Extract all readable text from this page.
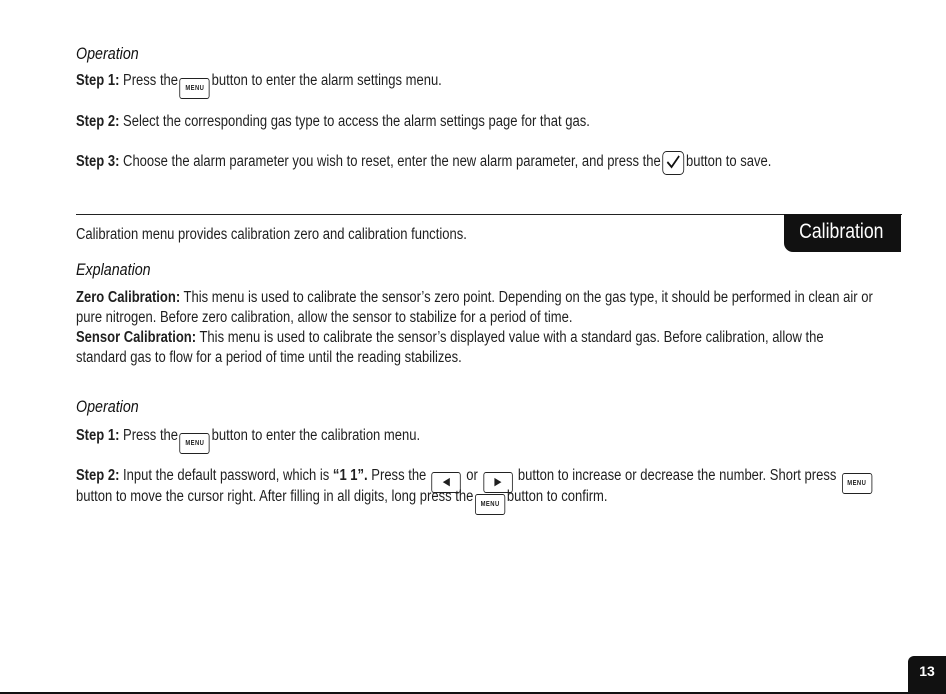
Operation
Step 1: Press the MENU button to enter the alarm settings menu.
Step 2: Select the corresponding gas type to access the alarm settings page for that gas.
Step 3: Choose the alarm parameter you wish to reset, enter the new alarm parameter, and press the button to save.
Calibration
Calibration menu provides calibration zero and calibration functions.
Explanation
Zero Calibration: This menu is used to calibrate the sensor’s zero point. Depending on the gas type, it should be performed in clean air or
pure nitrogen. Before zero calibration, allow the sensor to stabilize for a period of time.
Sensor Calibration: This menu is used to calibrate the sensor’s displayed value with a standard gas. Before calibration, allow the
standard gas to flow for a period of time until the reading stabilizes.
Operation
Step 1: Press the MENU button to enter the calibration menu.
Step 2: Input the default password, which is “1 1”. Press the ◀ or ▶ button to increase or decrease the number. Short press MENU
button to move the cursor right. After filling in all digits, long press the MENU button to confirm.
13
